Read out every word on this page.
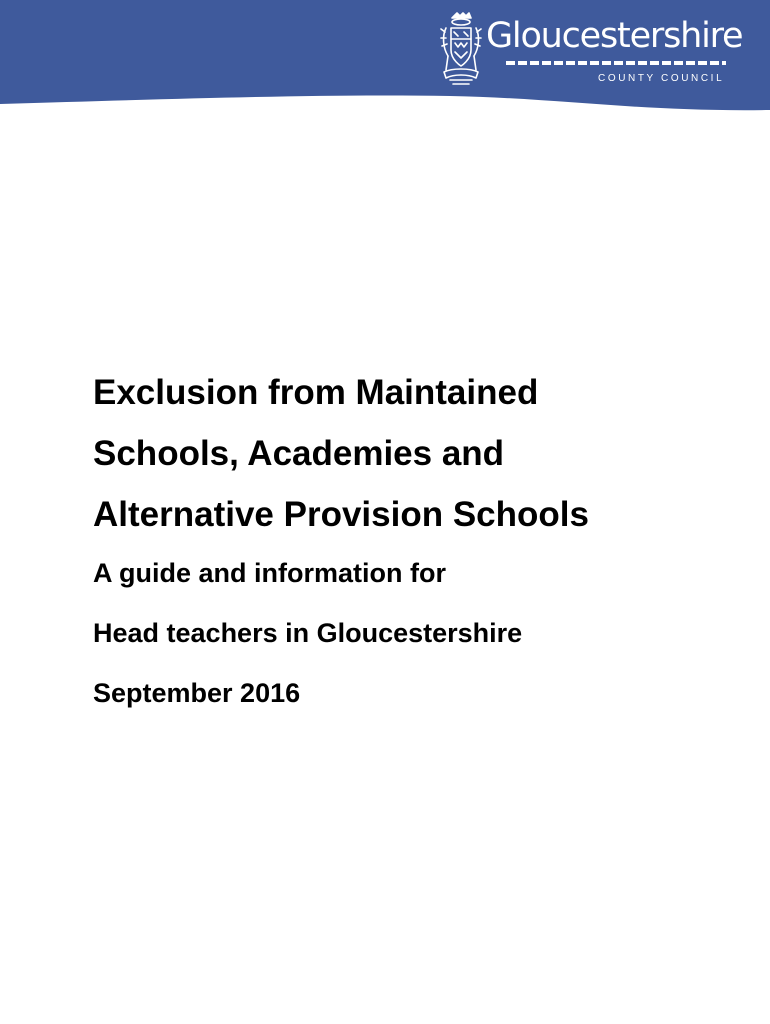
Gloucestershire
COUNTY COUNCIL
Exclusion from Maintained
Schools, Academies and
Alternative Provision Schools
A guide and information for
Head teachers in Gloucestershire
September 2016
